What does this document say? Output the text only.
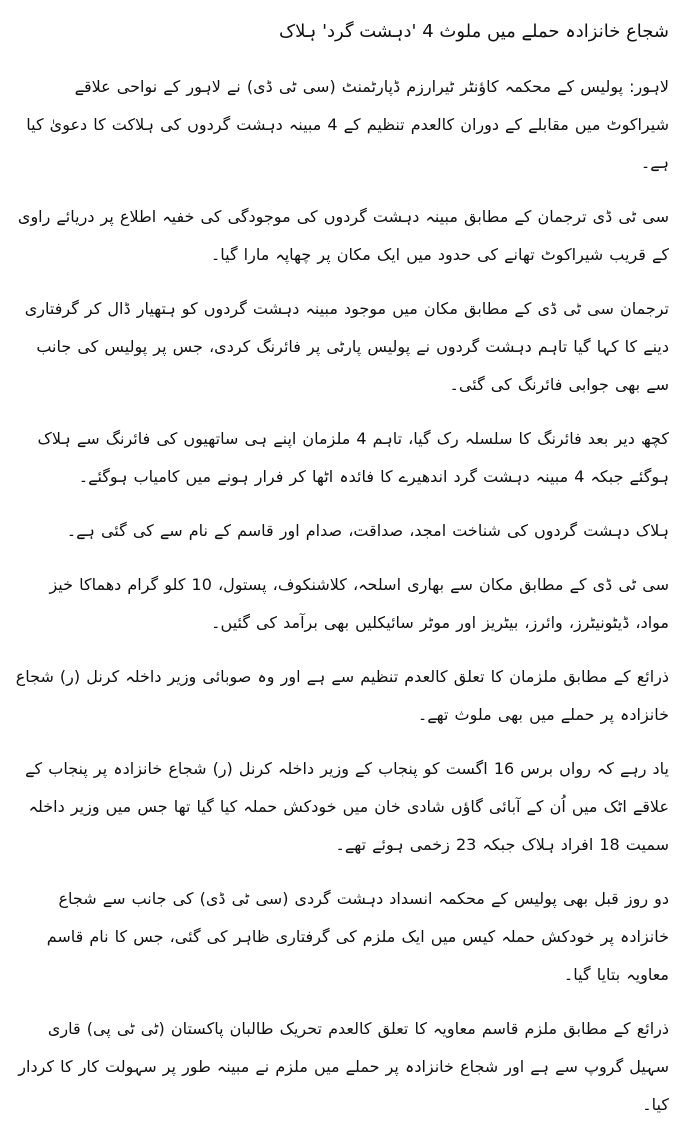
شجاع خانزادہ حملے میں ملوث 4 'دہشت گرد' ہلاک

لاہور: پولیس کے محکمہ کاؤنٹر ٹیرارزم ڈپارٹمنٹ (سی ٹی ڈی) نے لاہور کے نواحی علاقے شیراکوٹ میں مقابلے کے دوران کالعدم تنظیم کے 4 مبینہ دہشت گردوں کی ہلاکت کا دعویٰ کیا ہے۔

سی ٹی ڈی ترجمان کے مطابق مبینہ دہشت گردوں کی موجودگی کی خفیہ اطلاع پر دریائے راوی کے قریب شیراکوٹ تھانے کی حدود میں ایک مکان پر چھاپہ مارا گیا۔

ترجمان سی ٹی ڈی کے مطابق مکان میں موجود مبینہ دہشت گردوں کو ہتھیار ڈال کر گرفتاری دینے کا کہا گیا تاہم دہشت گردوں نے پولیس پارٹی پر فائرنگ کردی، جس پر پولیس کی جانب سے بھی جوابی فائرنگ کی گئی۔

کچھ دیر بعد فائرنگ کا سلسلہ رک گیا، تاہم 4 ملزمان اپنے ہی ساتھیوں کی فائرنگ سے ہلاک ہوگئے جبکہ 4 مبینہ دہشت گرد اندھیرے کا فائدہ اٹھا کر فرار ہونے میں کامیاب ہوگئے۔

ہلاک دہشت گردوں کی شناخت امجد، صداقت، صدام اور قاسم کے نام سے کی گئی ہے۔

سی ٹی ڈی کے مطابق مکان سے بھاری اسلحہ، کلاشنکوف، پستول، 10 کلو گرام دھماکا خیز مواد، ڈیٹونیٹرز، وائرز، بیٹریز اور موٹر سائیکلیں بھی برآمد کی گئیں۔

ذرائع کے مطابق ملزمان کا تعلق کالعدم تنظیم سے ہے اور وہ صوبائی وزیر داخلہ کرنل (ر) شجاع خانزادہ پر حملے میں بھی ملوث تھے۔

یاد رہے کہ رواں برس 16 اگست کو پنجاب کے وزیر داخلہ کرنل (ر) شجاع خانزادہ پر پنجاب کے علاقے اٹک میں اُن کے آبائی گاؤں شادی خان میں خودکش حملہ کیا گیا تھا جس میں وزیر داخلہ سمیت 18 افراد ہلاک جبکہ 23 زخمی ہوئے تھے۔

دو روز قبل بھی پولیس کے محکمہ انسداد دہشت گردی (سی ٹی ڈی) کی جانب سے شجاع خانزادہ پر خودکش حملہ کیس میں ایک ملزم کی گرفتاری ظاہر کی گئی، جس کا نام قاسم معاویہ بتایا گیا۔

ذرائع کے مطابق ملزم قاسم معاویہ کا تعلق کالعدم تحریک طالبان پاکستان (ٹی ٹی پی) قاری سہیل گروپ سے ہے اور شجاع خانزادہ پر حملے میں ملزم نے مبینہ طور پر سہولت کار کا کردار کیا۔
